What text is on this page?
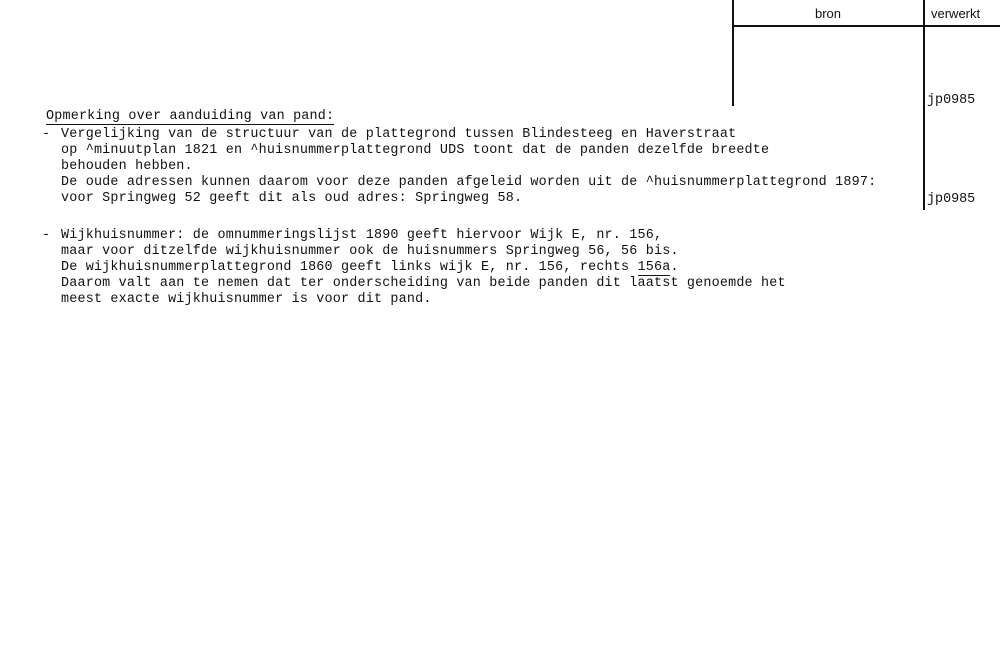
bron	verwerkt
jp0985
jp0985
Opmerking over aanduiding van pand:
- Vergelijking van de structuur van de plattegrond tussen Blindesteeg en Haverstraat
op ^minuutplan 1821 en ^huisnummerplattegrond UDS toont dat de panden dezelfde breedte
behouden hebben.
De oude adressen kunnen daarom voor deze panden afgeleid worden uit de ^huisnummerplattegrond 1897:
voor Springweg 52 geeft dit als oud adres: Springweg 58.
- Wijkhuisnummer: de omnummeringslijst 1890 geeft hiervoor Wijk E, nr. 156,
maar voor ditzelfde wijkhuisnummer ook de huisnummers Springweg 56, 56 bis.
De wijkhuisnummerplattegrond 1860 geeft links wijk E, nr. 156, rechts 156a.
Daarom valt aan te nemen dat ter onderscheiding van beide panden dit laatst genoemde het
meest exacte wijkhuisnummer is voor dit pand.
